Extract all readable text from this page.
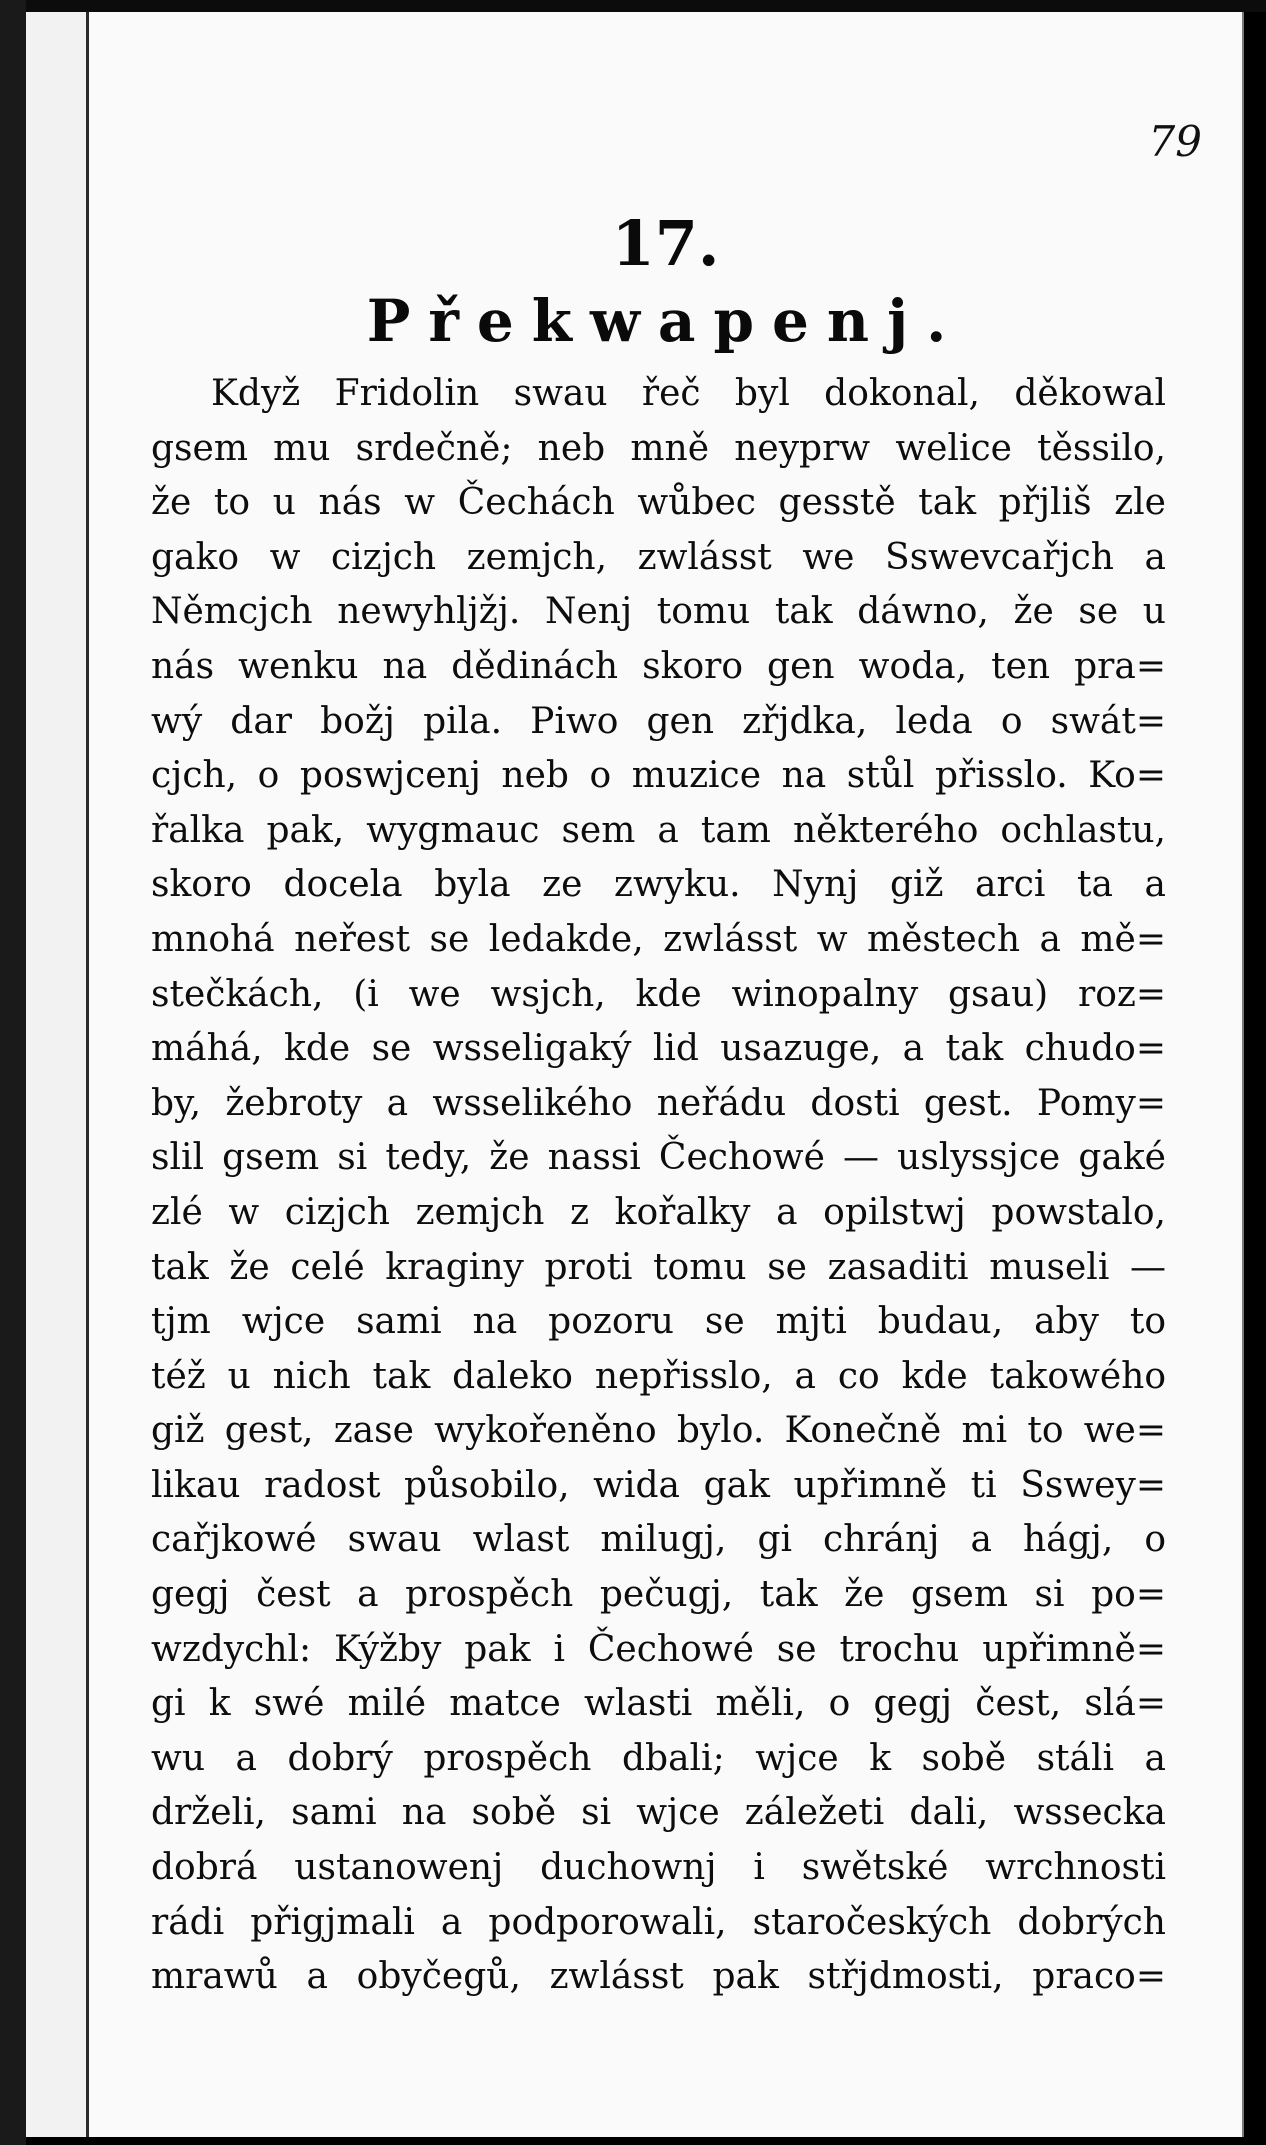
79
17.
Překwapenj.
Když Fridolin swau řeč byl dokonal, děkowal
gsem mu srdečně; neb mně neyprw welice těssilo,
že to u nás w Čechách wůbec gesstě tak přjliš zle
gako w cizjch zemjch, zwlásst we Sswevcařjch a
Němcjch newyhljžj. Nenj tomu tak dáwno, že se u
nás wenku na dědinách skoro gen woda, ten pra=
wý dar božj pila. Piwo gen zřjdka, leda o swát=
cjch, o poswjcenj neb o muzice na stůl přisslo. Ko=
řalka pak, wygmauc sem a tam některého ochlastu,
skoro docela byla ze zwyku. Nynj giž arci ta a
mnohá neřest se ledakde, zwlásst w městech a mě=
stečkách, (i we wsjch, kde winopalny gsau) roz=
máhá, kde se wsseligaký lid usazuge, a tak chudo=
by, žebroty a wsselikého neřádu dosti gest. Pomy=
slil gsem si tedy, že nassi Čechowé — uslyssjce gaké
zlé w cizjch zemjch z kořalky a opilstwj powstalo,
tak že celé kraginy proti tomu se zasaditi museli —
tjm wjce sami na pozoru se mjti budau, aby to
též u nich tak daleko nepřisslo, a co kde takowého
giž gest, zase wykořeněno bylo. Konečně mi to we=
likau radost působilo, wida gak upřimně ti Sswey=
cařjkowé swau wlast milugj, gi chránj a hágj, o
gegj čest a prospěch pečugj, tak že gsem si po=
wzdychl: Kýžby pak i Čechowé se trochu upřimně=
gi k swé milé matce wlasti měli, o gegj čest, slá=
wu a dobrý prospěch dbali; wjce k sobě stáli a
drželi, sami na sobě si wjce záležeti dali, wssecka
dobrá ustanowenj duchownj i swětské wrchnosti
rádi přigjmali a podporowali, staročeských dobrých
mrawů a obyčegů, zwlásst pak střjdmosti, praco=
